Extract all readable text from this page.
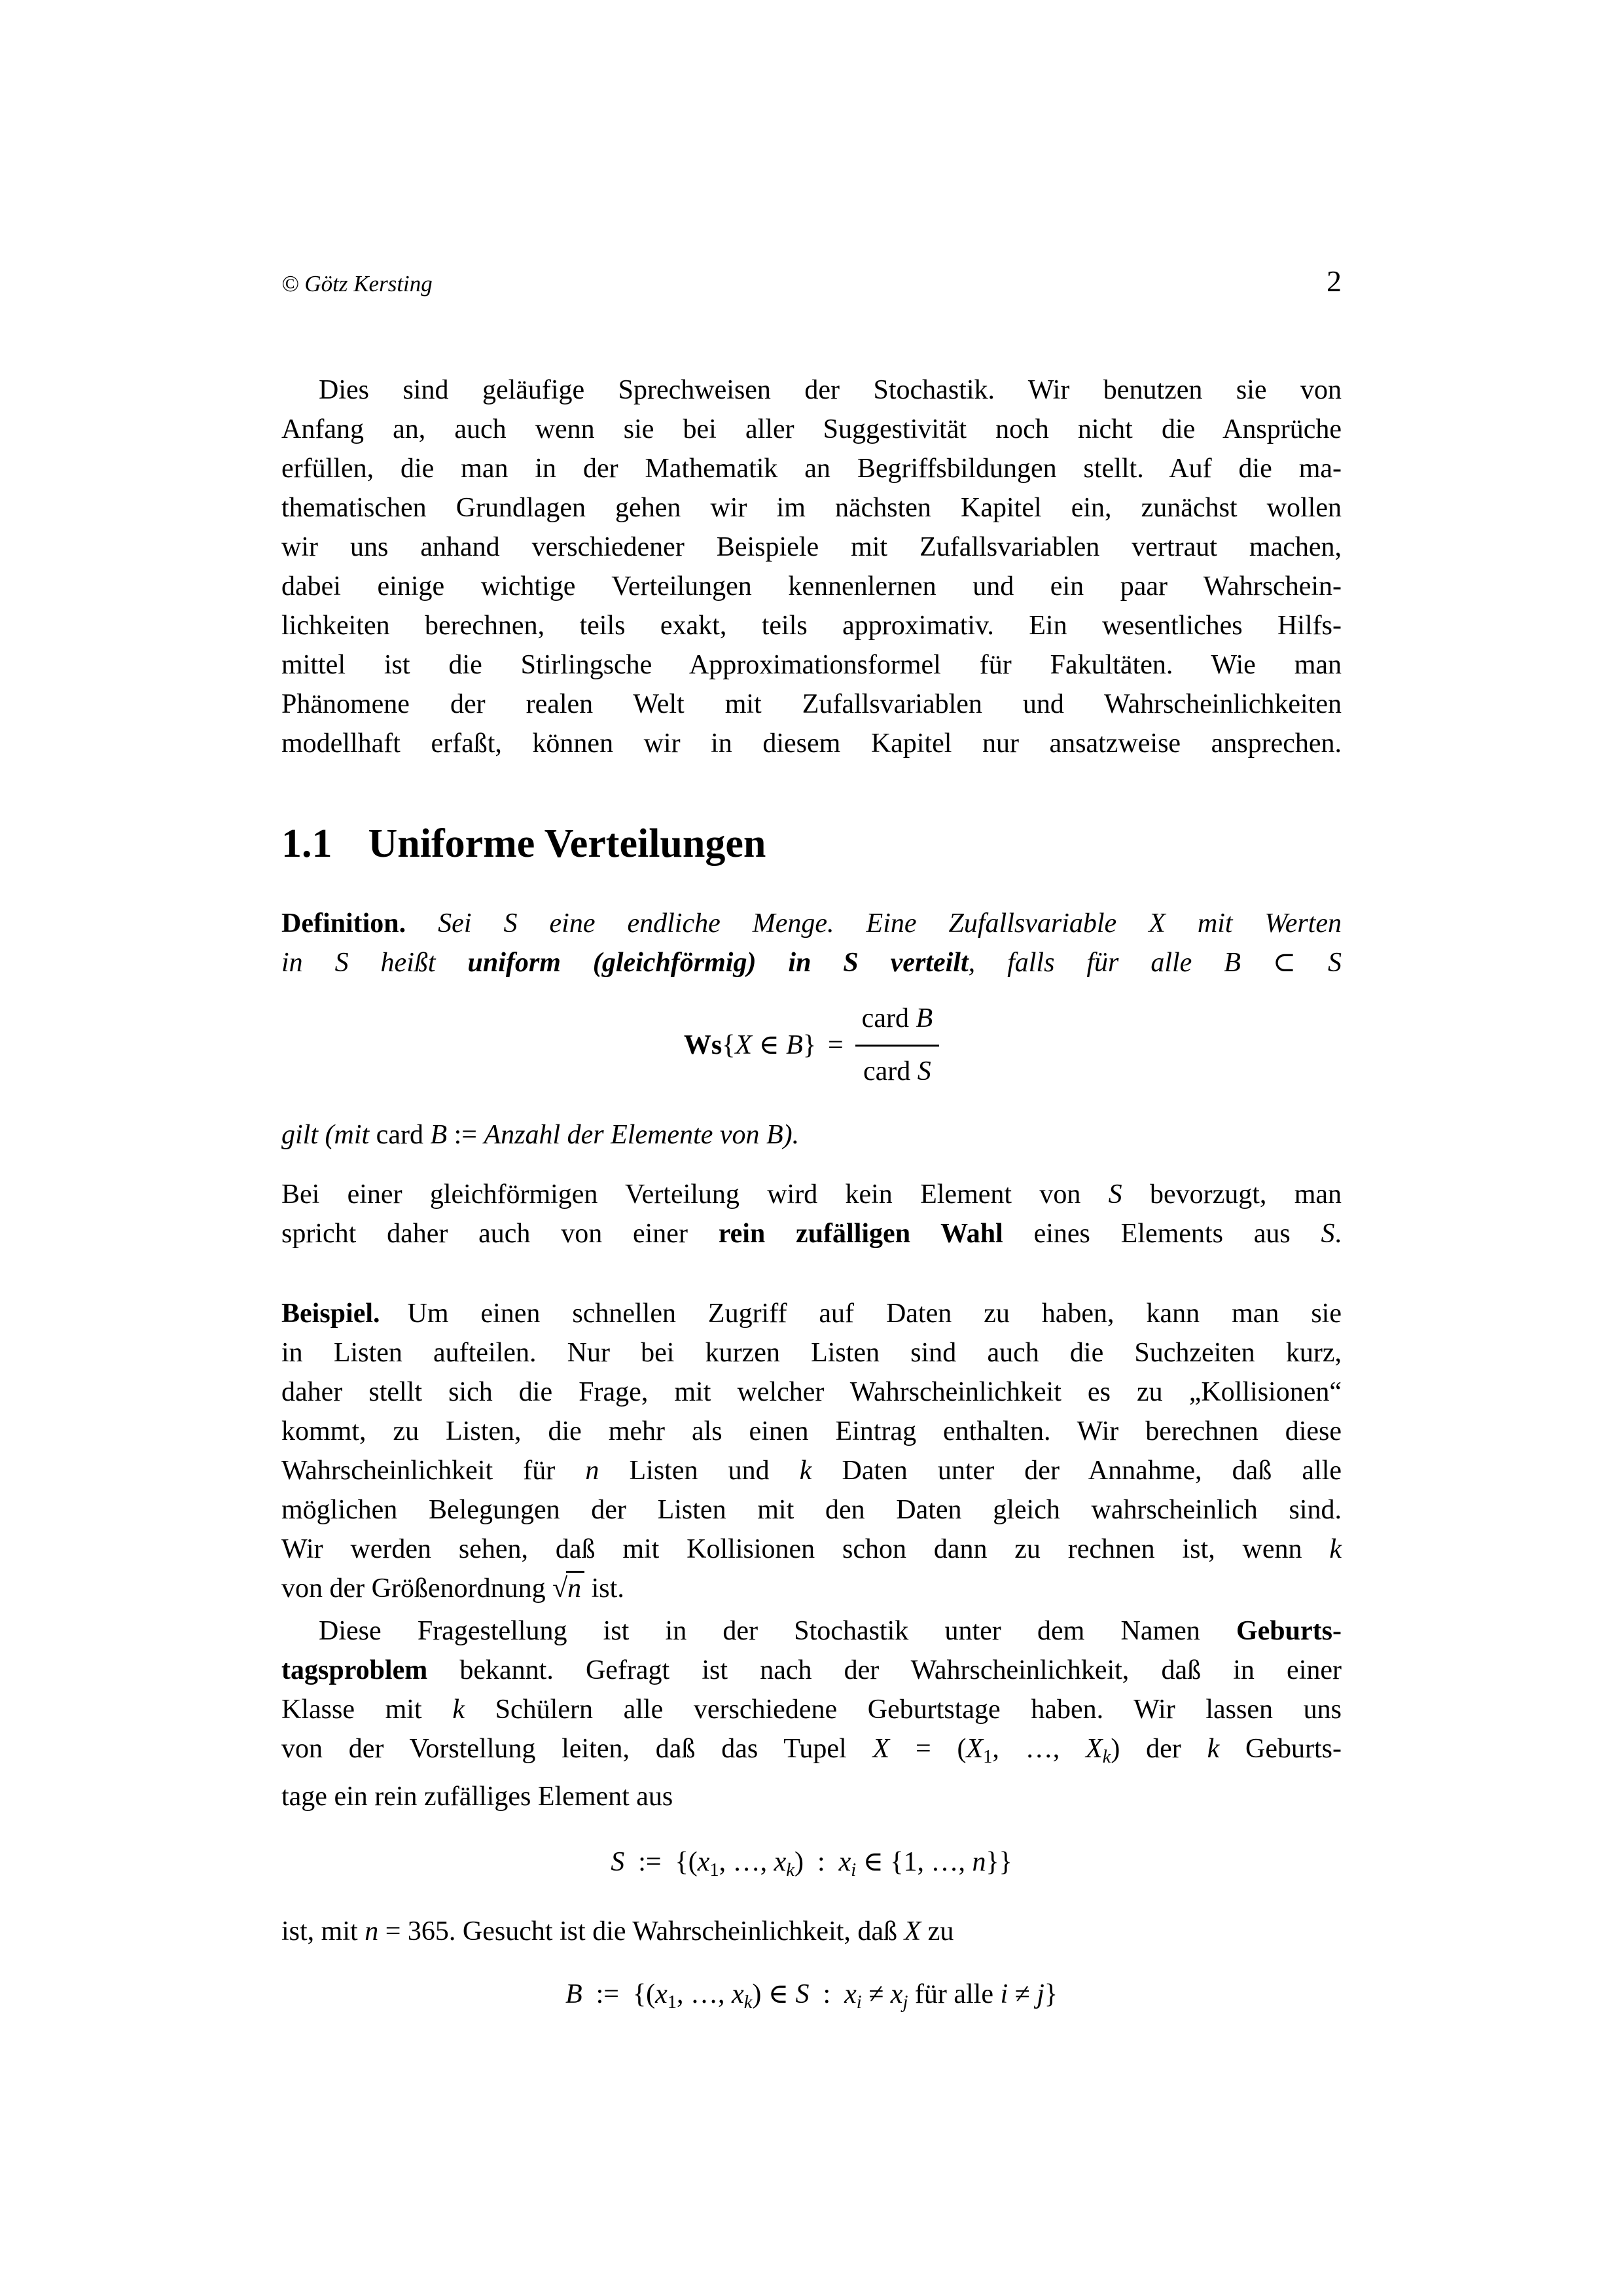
© Götz Kersting	2
Dies sind geläufige Sprechweisen der Stochastik. Wir benutzen sie von
Anfang an, auch wenn sie bei aller Suggestivität noch nicht die Ansprüche
erfüllen, die man in der Mathematik an Begriffsbildungen stellt. Auf die ma-
thematischen Grundlagen gehen wir im nächsten Kapitel ein, zunächst wollen
wir uns anhand verschiedener Beispiele mit Zufallsvariablen vertraut machen,
dabei einige wichtige Verteilungen kennenlernen und ein paar Wahrschein-
lichkeiten berechnen, teils exakt, teils approximativ. Ein wesentliches Hilfs-
mittel ist die Stirlingsche Approximationsformel für Fakultäten. Wie man
Phänomene der realen Welt mit Zufallsvariablen und Wahrscheinlichkeiten
modellhaft erfaßt, können wir in diesem Kapitel nur ansatzweise ansprechen.
1.1 Uniforme Verteilungen
Definition. Sei S eine endliche Menge. Eine Zufallsvariable X mit Werten
in S heißt uniform (gleichförmig) in S verteilt, falls für alle B ⊂ S
Ws{X ∈ $B\} = \frac{\text{card B}}{\text{card S}}$
gilt (mit card B := Anzahl der Elemente von B).
Bei einer gleichförmigen Verteilung wird kein Element von S bevorzugt, man
spricht daher auch von einer rein zufälligen Wahl eines Elements aus S.
Beispiel. Um einen schnellen Zugriff auf Daten zu haben, kann man sie
in Listen aufteilen. Nur bei kurzen Listen sind auch die Suchzeiten kurz,
daher stellt sich die Frage, mit welcher Wahrscheinlichkeit es zu „Kollisionen“
kommt, zu Listen, die mehr als einen Eintrag enthalten. Wir berechnen diese
Wahrscheinlichkeit für n Listen und k Daten unter der Annahme, daß alle
möglichen Belegungen der Listen mit den Daten gleich wahrscheinlich sind.
Wir werden sehen, daß mit Kollisionen schon dann zu rechnen ist, wenn k
von der Größenordnung √n ist.
Diese Fragestellung ist in der Stochastik unter dem Namen Geburts-
tagsproblem bekannt. Gefragt ist nach der Wahrscheinlichkeit, daß in einer
Klasse mit k Schülern alle verschiedene Geburtstage haben. Wir lassen uns
von der Vorstellung leiten, daß das Tupel X = (X1, …, Xk) der k Geburts-
tage ein rein zufälliges Element aus
S := {(x1, …, xk) : xi ∈ {1, …, n}}
ist, mit n = 365. Gesucht ist die Wahrscheinlichkeit, daß X zu
B := {(x1, …, xk) ∈ S : xi ≠ xj für alle i ≠ j}
